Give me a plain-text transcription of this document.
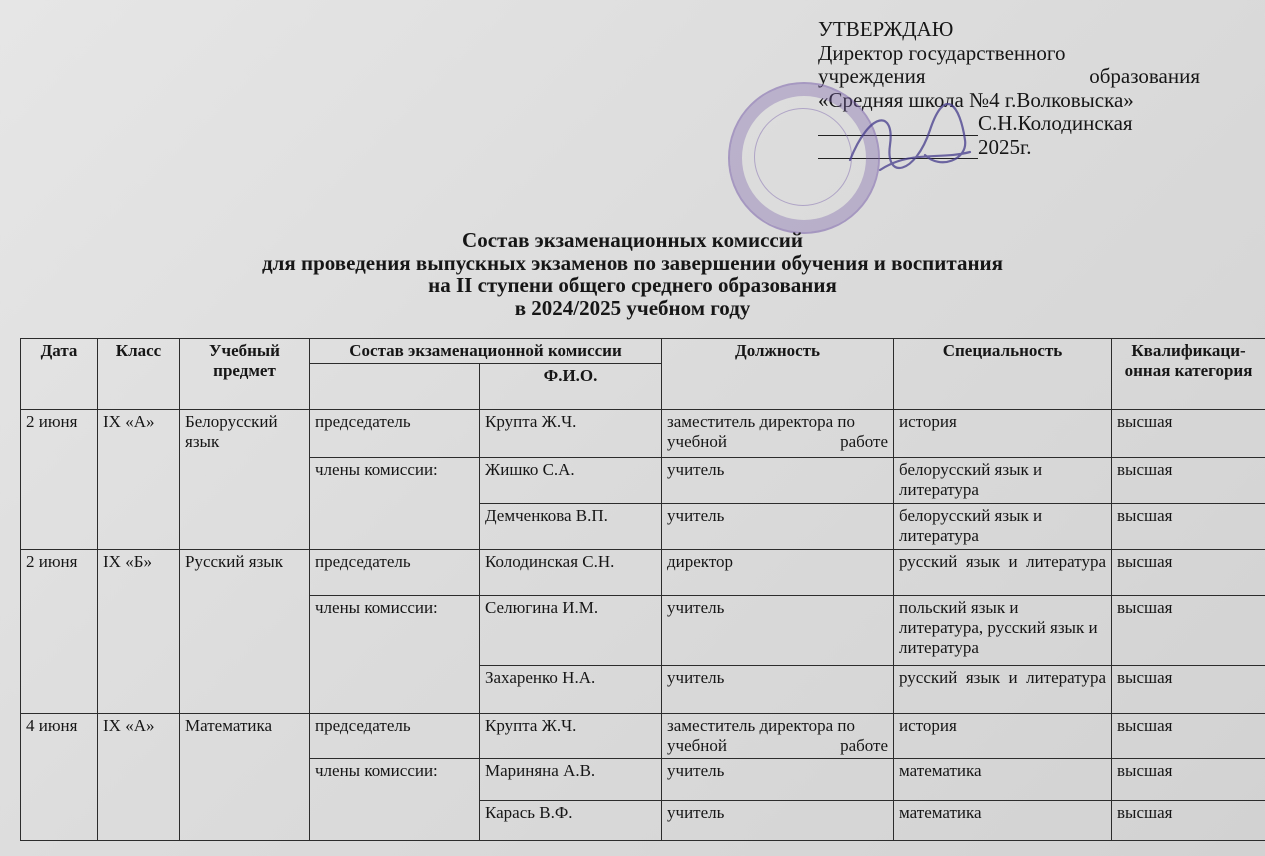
УТВЕРЖДАЮ
Директор государственного
учреждения	образования
«Средняя школа №4 г.Волковыска»
С.Н.Колодинская
2025г.
Состав экзаменационных комиссий
для проведения выпускных экзаменов по завершении обучения и воспитания
на II ступени общего среднего образования
в 2024/2025 учебном году
Дата	Класс	Учебный предмет	Состав экзаменационной комиссии		Должность	Специальность	Квалификаци-онная категория
				Ф.И.О.			
2 июня	IX «А»	Белорусский язык	председатель	Крупта Ж.Ч.	заместитель директора по учебной работе	история	высшая
			члены комиссии:	Жишко С.А.	учитель	белорусский язык и литература	высшая
				Демченкова В.П.	учитель	белорусский язык и литература	высшая
2 июня	IX «Б»	Русский язык	председатель	Колодинская С.Н.	директор	русский язык и литература	высшая
			члены комиссии:	Селюгина И.М.	учитель	польский язык и литература, русский язык и литература	высшая
				Захаренко Н.А.	учитель	русский язык и литература	высшая
4 июня	IX «А»	Математика	председатель	Крупта Ж.Ч.	заместитель директора по учебной работе	история	высшая
			члены комиссии:	Мариняна А.В.	учитель	математика	высшая
				Карась В.Ф.	учитель	математика	высшая
